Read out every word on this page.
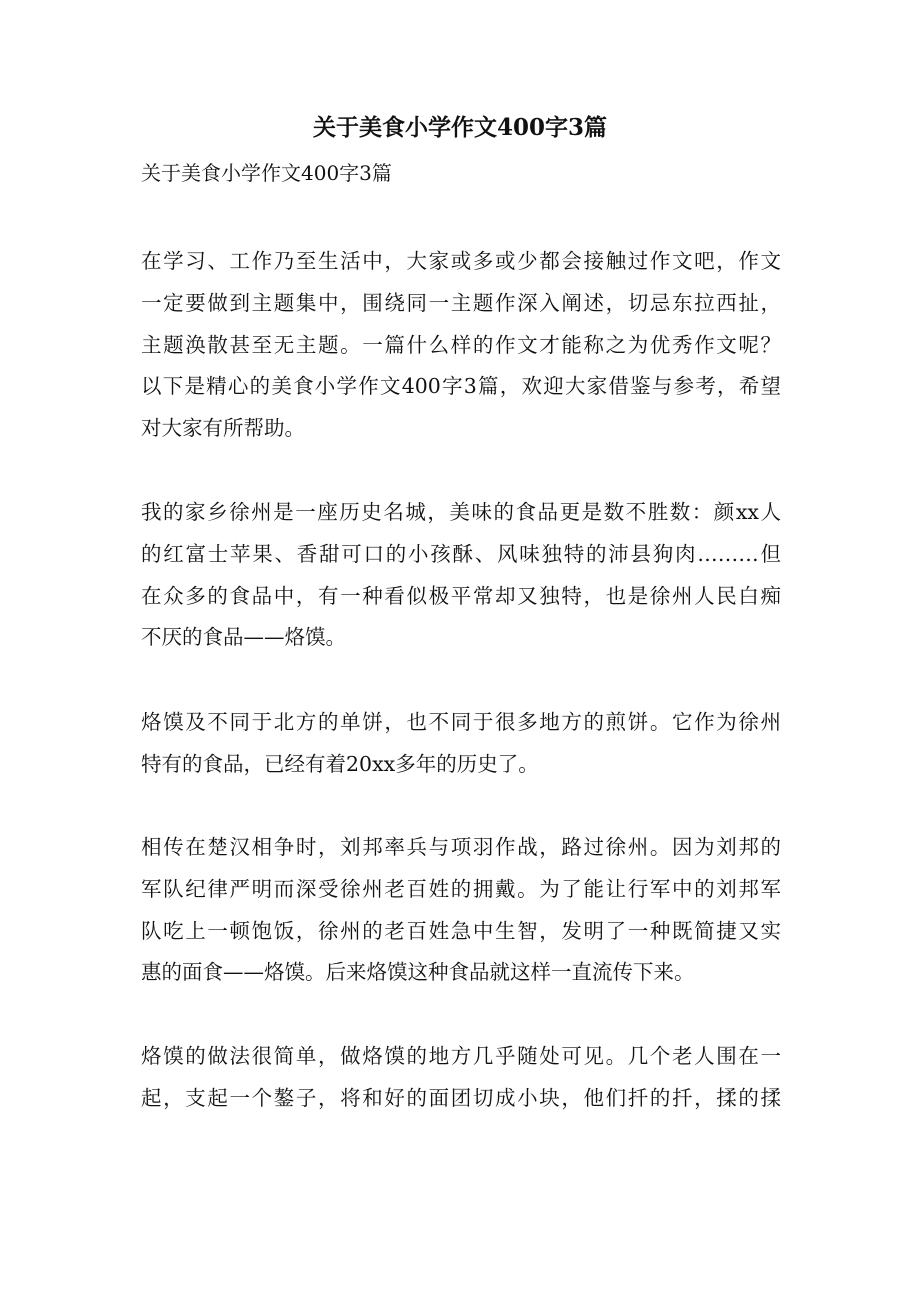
关于美食小学作文400字3篇

关于美食小学作文400字3篇

在学习、工作乃至生活中，大家或多或少都会接触过作文吧，作文
一定要做到主题集中，围绕同一主题作深入阐述，切忌东拉西扯，
主题涣散甚至无主题。一篇什么样的作文才能称之为优秀作文呢？
以下是精心的美食小学作文400字3篇，欢迎大家借鉴与参考，希望
对大家有所帮助。
我的家乡徐州是一座历史名城，美味的食品更是数不胜数：颜xx人
的红富士苹果、香甜可口的小孩酥、风味独特的沛县狗肉………但
在众多的食品中，有一种看似极平常却又独特，也是徐州人民白痴
不厌的食品——烙馍。
烙馍及不同于北方的单饼，也不同于很多地方的煎饼。它作为徐州
特有的食品，已经有着20xx多年的历史了。
相传在楚汉相争时，刘邦率兵与项羽作战，路过徐州。因为刘邦的
军队纪律严明而深受徐州老百姓的拥戴。为了能让行军中的刘邦军
队吃上一顿饱饭，徐州的老百姓急中生智，发明了一种既简捷又实
惠的面食——烙馍。后来烙馍这种食品就这样一直流传下来。
烙馍的做法很简单，做烙馍的地方几乎随处可见。几个老人围在一
起，支起一个鏊子，将和好的面团切成小块，他们扦的扦，揉的揉
